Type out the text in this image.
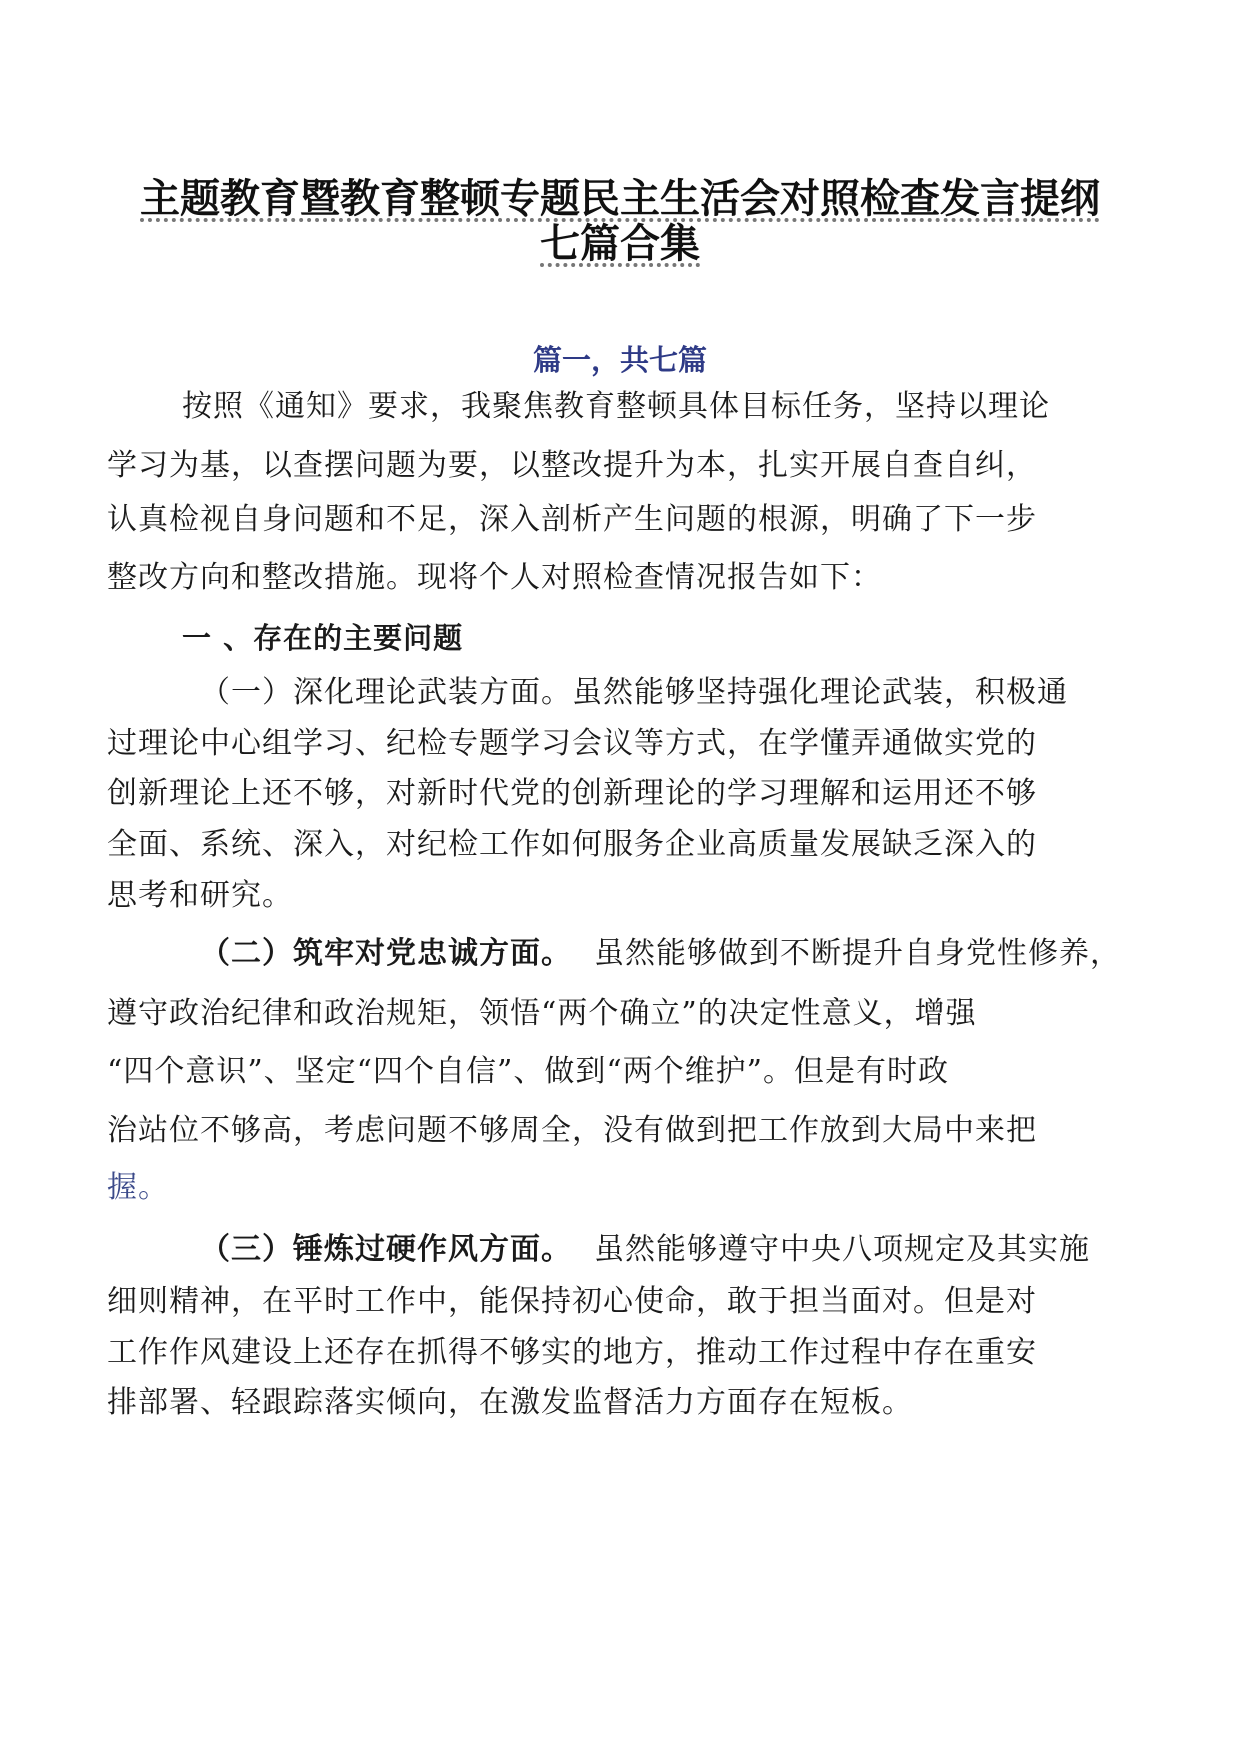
主题教育暨教育整顿专题民主生活会对照检查发言提纲
七篇合集
篇一，共七篇
按照《通知》要求，我聚焦教育整顿具体目标任务，坚持以理论
学习为基，以查摆问题为要，以整改提升为本，扎实开展自查自纠，
认真检视自身问题和不足，深入剖析产生问题的根源，明确了下一步
整改方向和整改措施。现将个人对照检查情况报告如下：
一 、存在的主要问题
（一）深化理论武装方面。虽然能够坚持强化理论武装，积极通
过理论中心组学习、纪检专题学习会议等方式，在学懂弄通做实党的
创新理论上还不够，对新时代党的创新理论的学习理解和运用还不够
全面、系统、深入，对纪检工作如何服务企业高质量发展缺乏深入的
思考和研究。
（二）筑牢对党忠诚方面。 虽然能够做到不断提升自身党性修养，
遵守政治纪律和政治规矩，领悟“两个确立”的决定性意义，增强
“四个意识”、坚定“四个自信”、做到“两个维护”。但是有时政
治站位不够高，考虑问题不够周全，没有做到把工作放到大局中来把
握。
（三）锤炼过硬作风方面。 虽然能够遵守中央八项规定及其实施
细则精神，在平时工作中，能保持初心使命，敢于担当面对。但是对
工作作风建设上还存在抓得不够实的地方，推动工作过程中存在重安
排部署、轻跟踪落实倾向，在激发监督活力方面存在短板。
